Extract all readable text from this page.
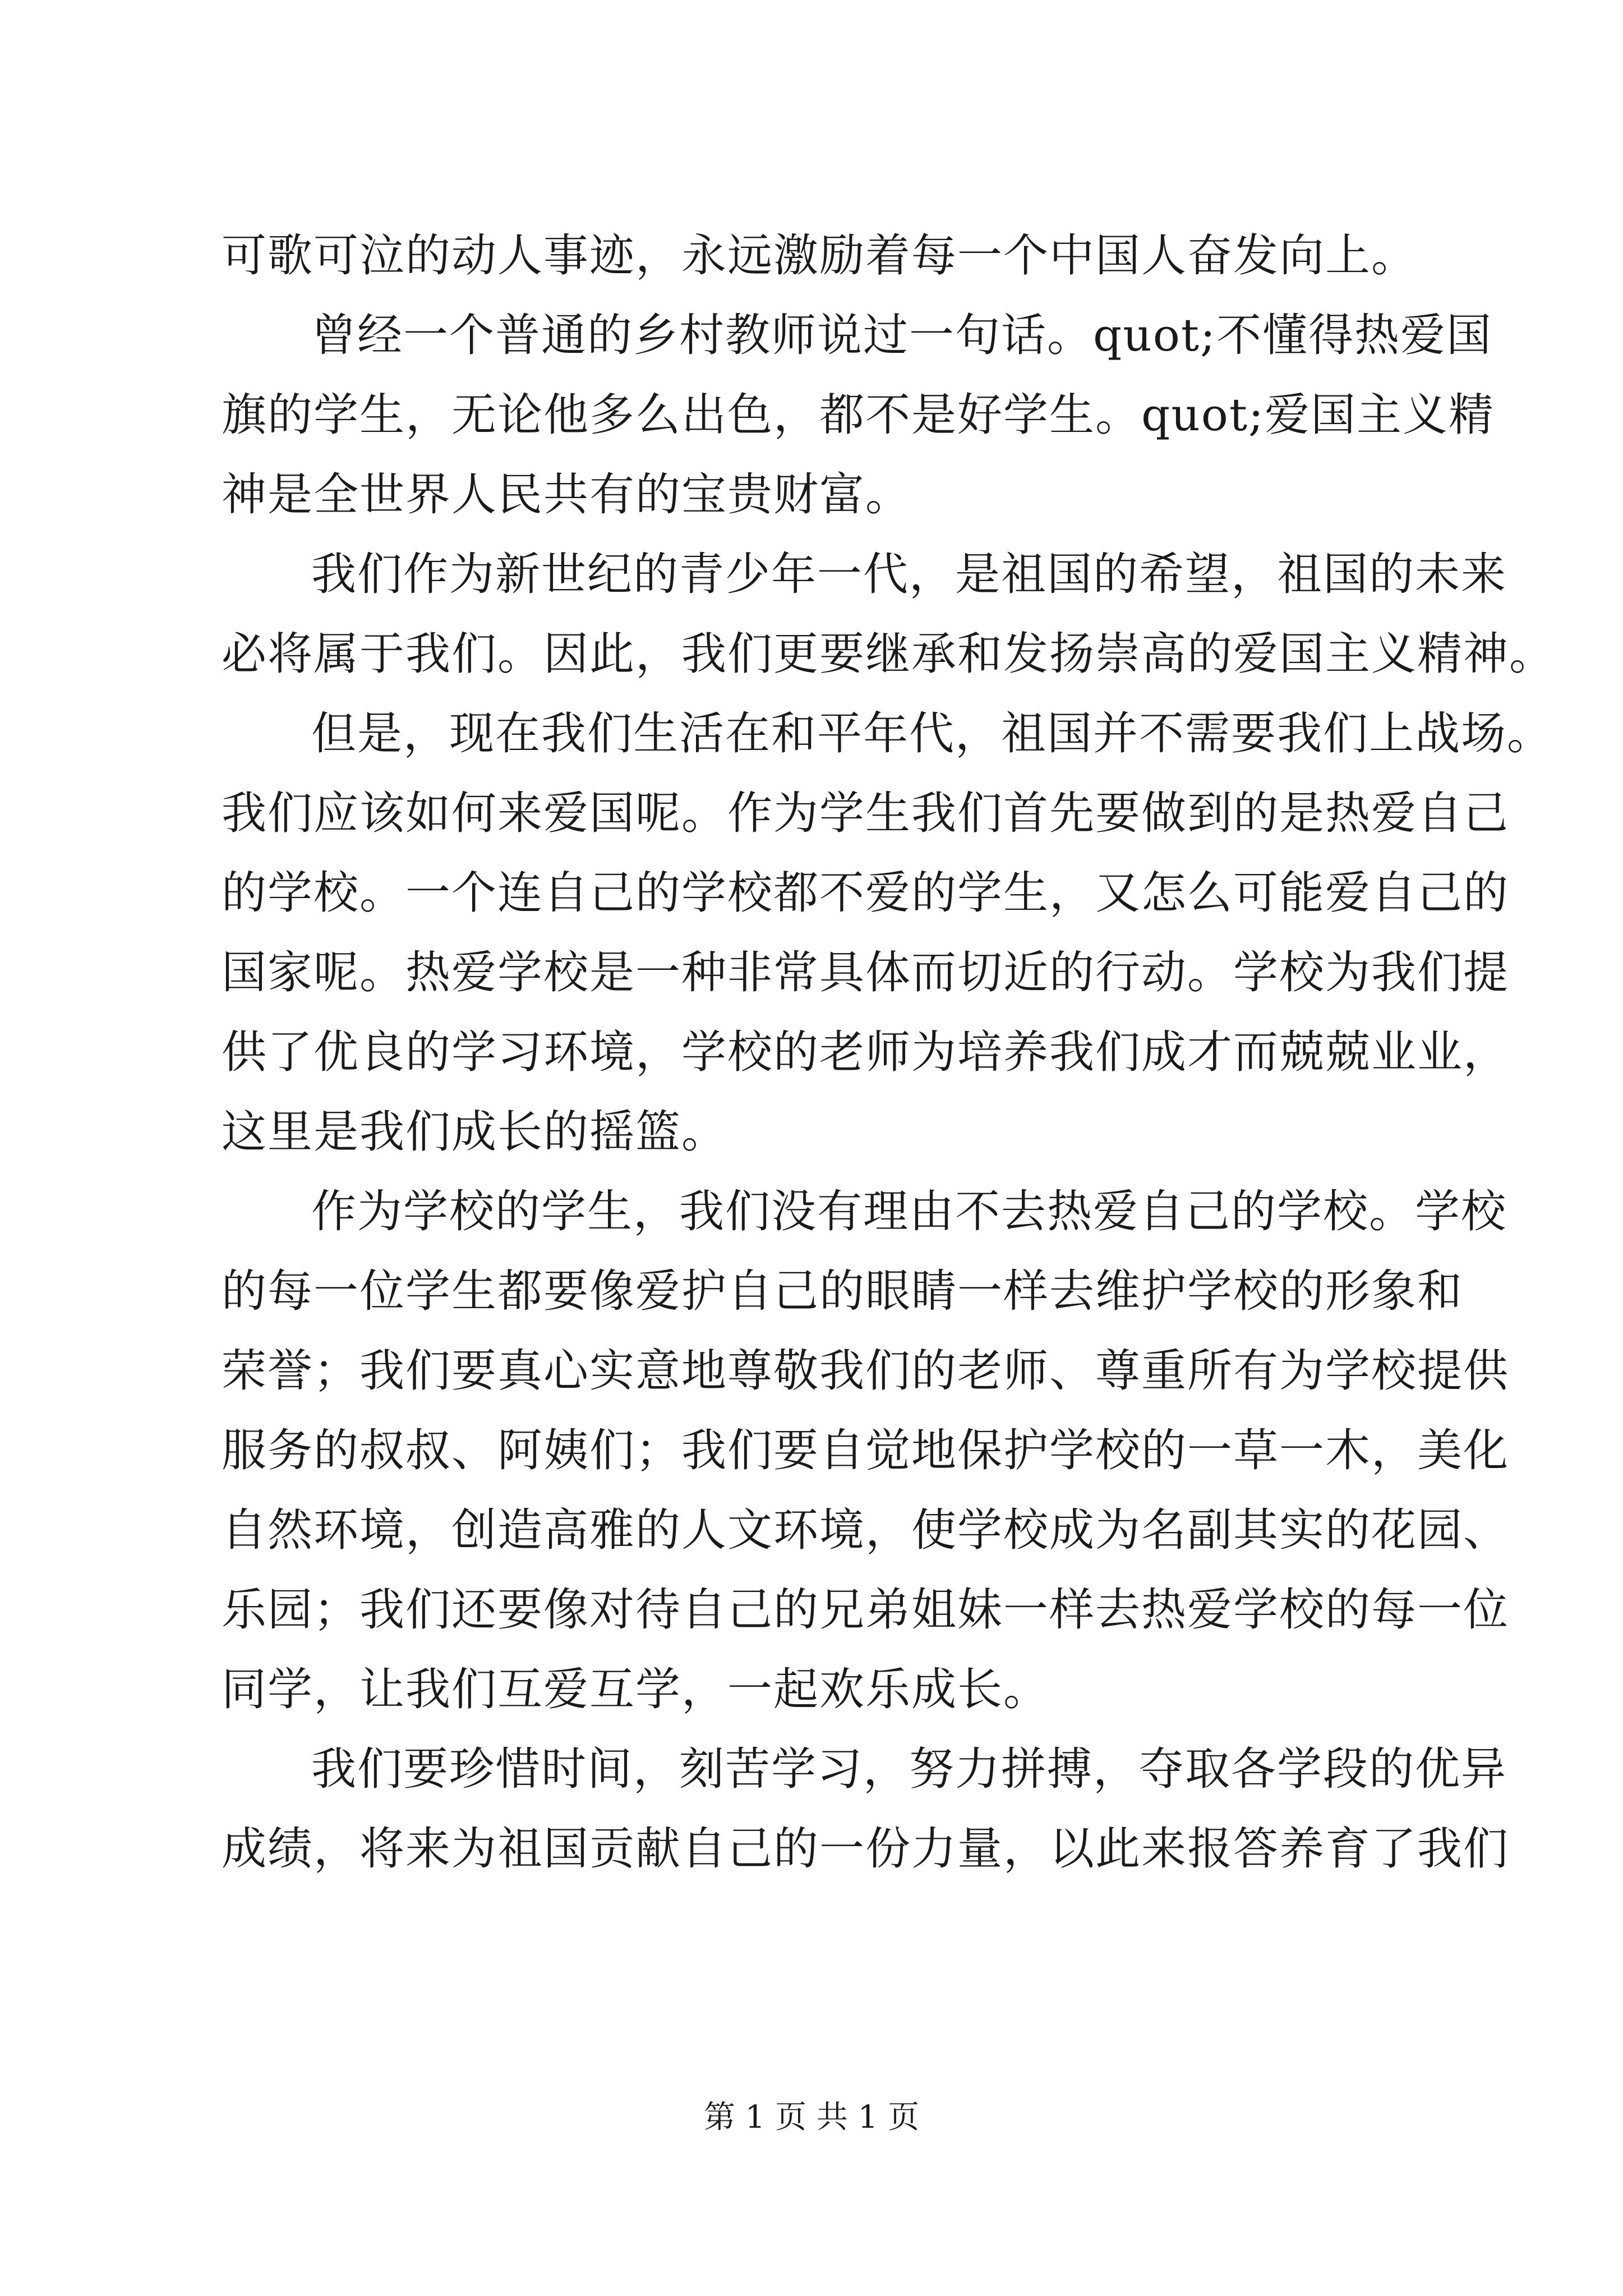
可歌可泣的动人事迹，永远激励着每一个中国人奋发向上。
曾经一个普通的乡村教师说过一句话。quot;不懂得热爱国
旗的学生，无论他多么出色，都不是好学生。quot;爱国主义精
神是全世界人民共有的宝贵财富。
我们作为新世纪的青少年一代，是祖国的希望，祖国的未来
必将属于我们。因此，我们更要继承和发扬崇高的爱国主义精神。
但是，现在我们生活在和平年代，祖国并不需要我们上战场。
我们应该如何来爱国呢。作为学生我们首先要做到的是热爱自己
的学校。一个连自己的学校都不爱的学生，又怎么可能爱自己的
国家呢。热爱学校是一种非常具体而切近的行动。学校为我们提
供了优良的学习环境，学校的老师为培养我们成才而兢兢业业，
这里是我们成长的摇篮。
作为学校的学生，我们没有理由不去热爱自己的学校。学校
的每一位学生都要像爱护自己的眼睛一样去维护学校的形象和
荣誉；我们要真心实意地尊敬我们的老师、尊重所有为学校提供
服务的叔叔、阿姨们；我们要自觉地保护学校的一草一木，美化
自然环境，创造高雅的人文环境，使学校成为名副其实的花园、
乐园；我们还要像对待自己的兄弟姐妹一样去热爱学校的每一位
同学，让我们互爱互学，一起欢乐成长。
我们要珍惜时间，刻苦学习，努力拼搏，夺取各学段的优异
成绩，将来为祖国贡献自己的一份力量，以此来报答养育了我们
第 1 页 共 1 页
